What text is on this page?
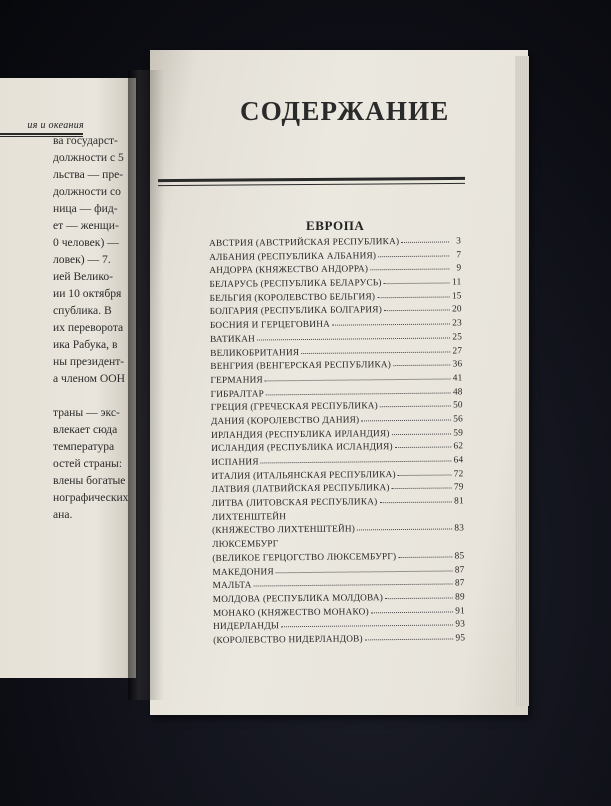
ия и океания
ва государст-
должности с 5
льства — пре-
должности со
ница — фид-
ет — женщи-
0 человек) —
ловек) — 7.
ией Велико-
ии 10 октября
спублика. В
их переворота
ика Рабука, в
ны президент-
а членом ООН
траны — экс-
влекает сюда
температура
остей страны:
влены богатые
нографических
ана.
СОДЕРЖАНИЕ
ЕВРОПА
АВСТРИЯ (АВСТРИЙСКАЯ РЕСПУБЛИКА)	3
АЛБАНИЯ (РЕСПУБЛИКА АЛБАНИЯ)	7
АНДОРРА (КНЯЖЕСТВО АНДОРРА)	9
БЕЛАРУСЬ (РЕСПУБЛИКА БЕЛАРУСЬ)	11
БЕЛЬГИЯ (КОРОЛЕВСТВО БЕЛЬГИЯ)	15
БОЛГАРИЯ (РЕСПУБЛИКА БОЛГАРИЯ)	20
БОСНИЯ И ГЕРЦЕГОВИНА	23
ВАТИКАН	25
ВЕЛИКОБРИТАНИЯ	27
ВЕНГРИЯ (ВЕНГЕРСКАЯ РЕСПУБЛИКА)	36
ГЕРМАНИЯ	41
ГИБРАЛТАР	48
ГРЕЦИЯ (ГРЕЧЕСКАЯ РЕСПУБЛИКА)	50
ДАНИЯ (КОРОЛЕВСТВО ДАНИЯ)	56
ИРЛАНДИЯ (РЕСПУБЛИКА ИРЛАНДИЯ)	59
ИСЛАНДИЯ (РЕСПУБЛИКА ИСЛАНДИЯ)	62
ИСПАНИЯ	64
ИТАЛИЯ (ИТАЛЬЯНСКАЯ РЕСПУБЛИКА)	72
ЛАТВИЯ (ЛАТВИЙСКАЯ РЕСПУБЛИКА)	79
ЛИТВА (ЛИТОВСКАЯ РЕСПУБЛИКА)	81
ЛИХТЕНШТЕЙН
(КНЯЖЕСТВО ЛИХТЕНШТЕЙН)	83
ЛЮКСЕМБУРГ
(ВЕЛИКОЕ ГЕРЦОГСТВО ЛЮКСЕМБУРГ)	85
МАКЕДОНИЯ	87
МАЛЬТА	87
МОЛДОВА (РЕСПУБЛИКА МОЛДОВА)	89
МОНАКО (КНЯЖЕСТВО МОНАКО)	91
НИДЕРЛАНДЫ	93
(КОРОЛЕВСТВО НИДЕРЛАНДОВ)	95
